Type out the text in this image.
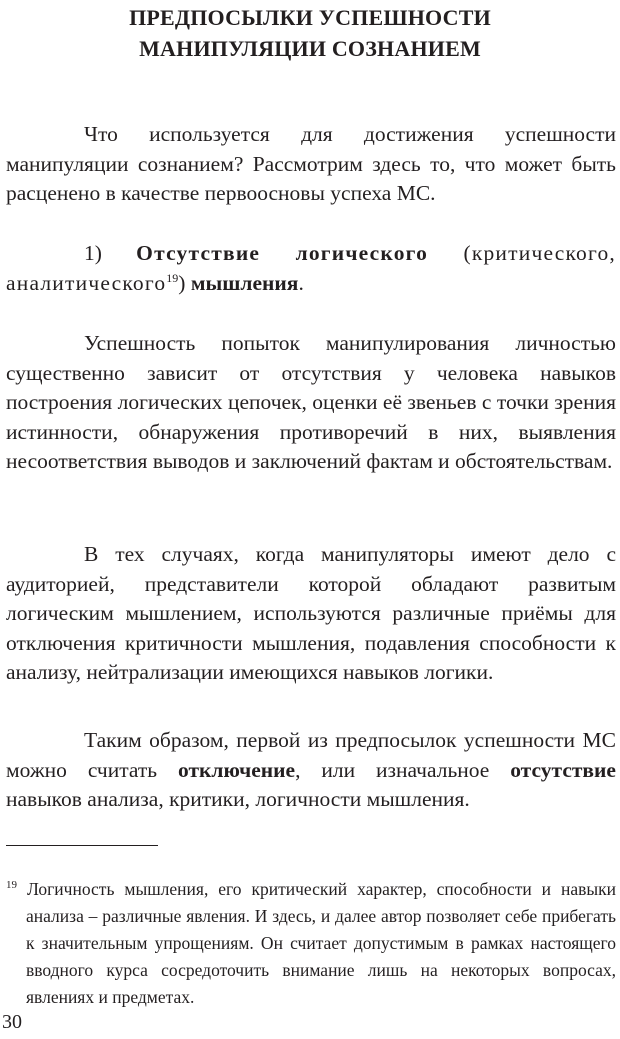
ПРЕДПОСЫЛКИ УСПЕШНОСТИ
МАНИПУЛЯЦИИ СОЗНАНИЕМ

Что используется для достижения успешности манипуляции сознанием? Рассмотрим здесь то, что может быть расценено в качестве первоосновы успеха МС.

1) Отсутствие логического (критического, аналитического$^{19}$) мышления.

Успешность попыток манипулирования личностью существенно зависит от отсутствия у человека навыков построения логических цепочек, оценки её звеньев с точки зрения истинности, обнаружения противоречий в них, выявления несоответствия выводов и заключений фактам и обстоятельствам.

В тех случаях, когда манипуляторы имеют дело с аудиторией, представители которой обладают развитым логическим мышлением, используются различные приёмы для отключения критичности мышления, подавления способности к анализу, нейтрализации имеющихся навыков логики.

Таким образом, первой из предпосылок успешности МС можно считать отключение, или изначальное отсутствие навыков анализа, критики, логичности мышления.

$^{19}$ Логичность мышления, его критический характер, способности и навыки анализа – различные явления. И здесь, и далее автор позволяет себе прибегать к значительным упрощениям. Он считает допустимым в рамках настоящего вводного курса сосредоточить внимание лишь на некоторых вопросах, явлениях и предметах.

30
